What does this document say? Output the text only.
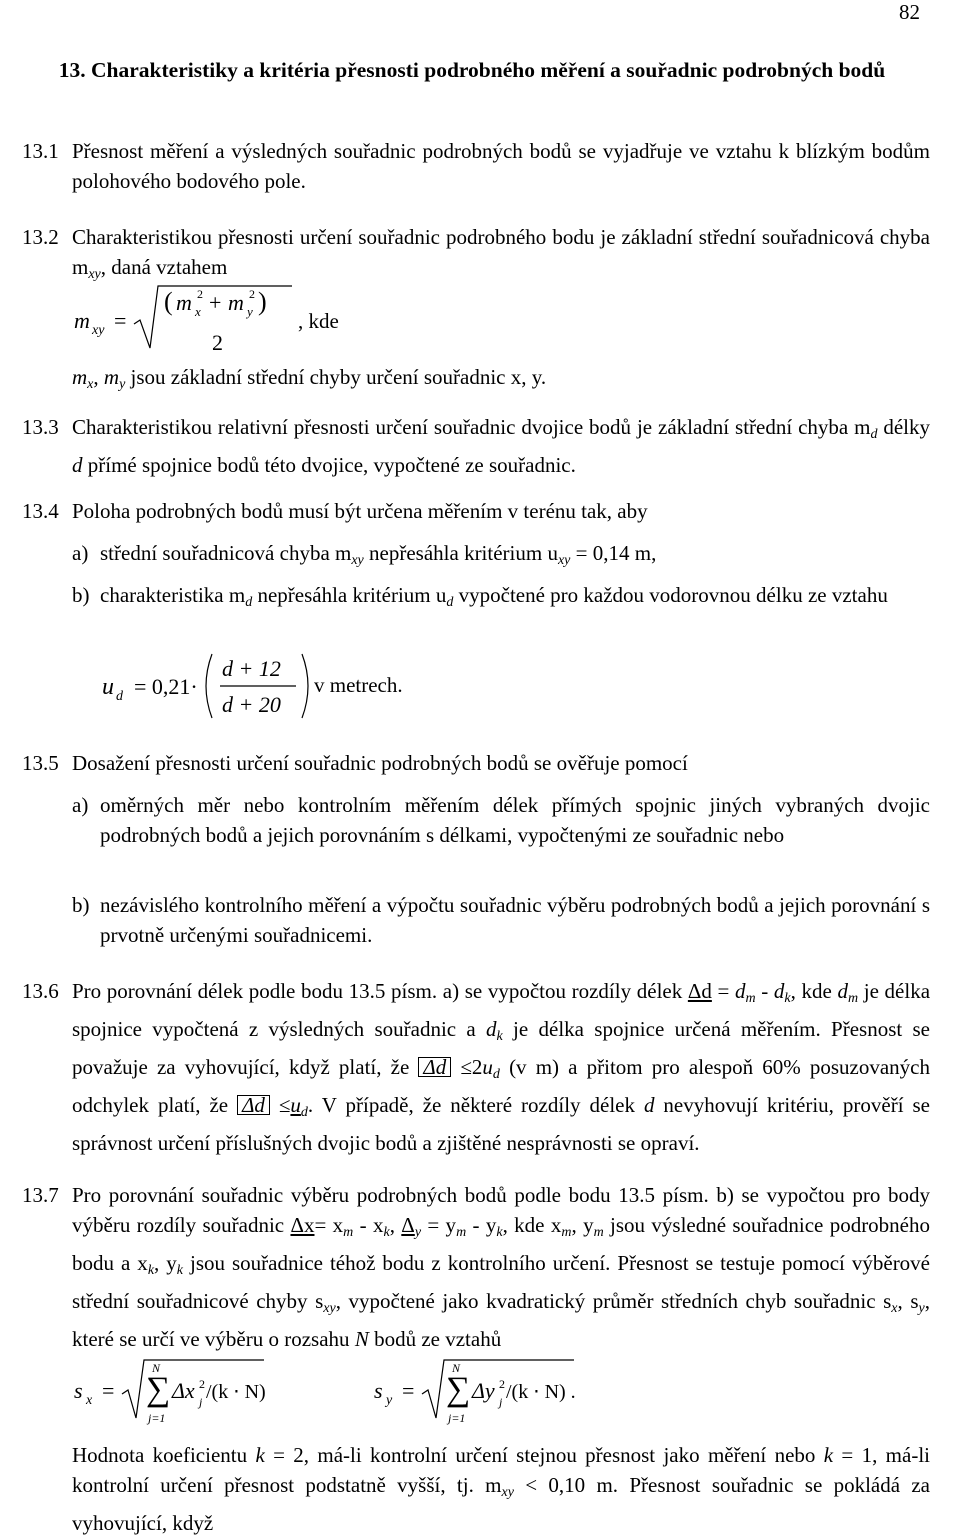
82
13. Charakteristiky a kritéria přesnosti podrobného měření a souřadnic podrobných bodů
13.1 Přesnost měření a výsledných souřadnic podrobných bodů se vyjadřuje ve vztahu k blízkým bodům polohového bodového pole.
13.2 Charakteristikou přesnosti určení souřadnic podrobného bodu je základní střední souřadnicová chyba $m_{xy}$, daná vztahem
m xy =
( m 2
x + m 2
y )
2
, kde
$m_x$, $m_y$ jsou základní střední chyby určení souřadnic x, y.
13.3 Charakteristikou relativní přesnosti určení souřadnic dvojice bodů je základní střední chyba $m_d$ délky d přímé spojnice bodů této dvojice, vypočtené ze souřadnic.
13.4 Poloha podrobných bodů musí být určena měřením v terénu tak, aby
a) střední souřadnicová chyba $m_{xy}$ nepřesáhla kritérium $u_{xy} = 0,14$ m,
b) charakteristika $m_d$ nepřesáhla kritérium $u_d$ vypočtené pro každou vodorovnou délku ze vztahu
u d = 0,21·
d + 12
d + 20
v metrech.
13.5 Dosažení přesnosti určení souřadnic podrobných bodů se ověřuje pomocí
a) oměrných měr nebo kontrolním měřením délek přímých spojnic jiných vybraných dvojic podrobných bodů a jejich porovnáním s délkami, vypočtenými ze souřadnic nebo
b) nezávislého kontrolního měření a výpočtu souřadnic výběru podrobných bodů a jejich porovnání s prvotně určenými souřadnicemi.
13.6 Pro porovnání délek podle bodu 13.5 písm. a) se vypočtou rozdíly délek $\Delta d = d_m - d_k$, kde $d_m$ je délka spojnice vypočtená z výsledných souřadnic a $d_k$ je délka spojnice určená měřením. Přesnost se považuje za vyhovující, když platí, že $\Delta d \le 2u_d$ (v m) a přitom pro alespoň 60% posuzovaných odchylek platí, že $\Delta d \le u_d$. V případě, že některé rozdíly délek d nevyhovují kritériu, prověří se správnost určení příslušných dvojic bodů a zjištěné nesprávnosti se opraví.
13.7 Pro porovnání souřadnic výběru podrobných bodů podle bodu 13.5 písm. b) se vypočtou pro body výběru rozdíly souřadnic $\Delta x= x_m - x_k$, $\Delta_y = y_m - y_k$, kde $x_m$, $y_m$ jsou výsledné souřadnice podrobného bodu a $x_k$, $y_k$ jsou souřadnice téhož bodu z kontrolního určení. Přesnost se testuje pomocí výběrové střední souřadnicové chyby $s_{xy}$, vypočtené jako kvadratický průměr středních chyb souřadnic $s_x$, $s_y$, které se určí ve výběru o rozsahu N bodů ze vztahů
s x = ∑
N
j=1
Δx 2
j /(k ⋅ N)	s y = ∑
N
j=1
Δy 2
j /(k ⋅ N) .
Hodnota koeficientu k = 2, má-li kontrolní určení stejnou přesnost jako měření nebo k = 1, má-li kontrolní určení přesnost podstatně vyšší, tj. $m_{xy} < 0,10$ m. Přesnost souřadnic se pokládá za vyhovující, když
